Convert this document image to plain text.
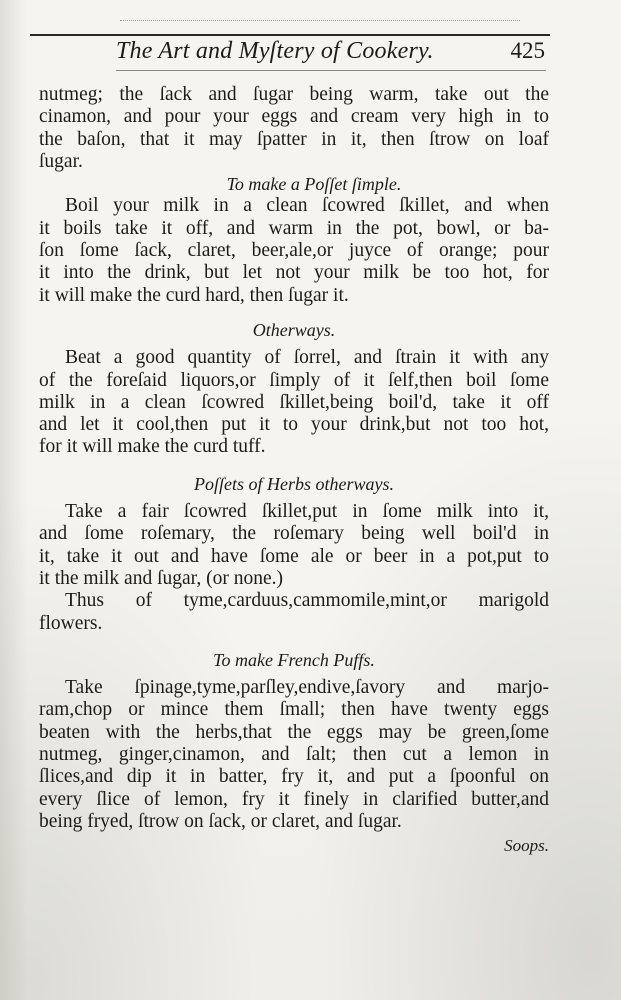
The Art and Myſtery of Cookery.	425
nutmeg; the ſack and ſugar being warm, take out the
cinamon, and pour your eggs and cream very high in to
the baſon, that it may ſpatter in it, then ſtrow on loaf
ſugar.
To make a Poſſet ſimple.
Boil your milk in a clean ſcowred ſkillet, and when
it boils take it off, and warm in the pot, bowl, or ba-
ſon ſome ſack, claret, beer,ale,or juyce of orange; pour
it into the drink, but let not your milk be too hot, for
it will make the curd hard, then ſugar it.
Otherways.
Beat a good quantity of ſorrel, and ſtrain it with any
of the foreſaid liquors,or ſimply of it ſelf,then boil ſome
milk in a clean ſcowred ſkillet,being boil'd, take it off
and let it cool,then put it to your drink,but not too hot,
for it will make the curd tuff.
Poſſets of Herbs otherways.
Take a fair ſcowred ſkillet,put in ſome milk into it,
and ſome roſemary, the roſemary being well boil'd in
it, take it out and have ſome ale or beer in a pot,put to
it the milk and ſugar, (or none.)
Thus of tyme,carduus,cammomile,mint,or marigold
flowers.
To make French Puffs.
Take ſpinage,tyme,parſley,endive,ſavory and marjo-
ram,chop or mince them ſmall; then have twenty eggs
beaten with the herbs,that the eggs may be green,ſome
nutmeg, ginger,cinamon, and ſalt; then cut a lemon in
ſlices,and dip it in batter, fry it, and put a ſpoonful on
every ſlice of lemon, fry it finely in clarified butter,and
being fryed, ſtrow on ſack, or claret, and ſugar.
Soops.
